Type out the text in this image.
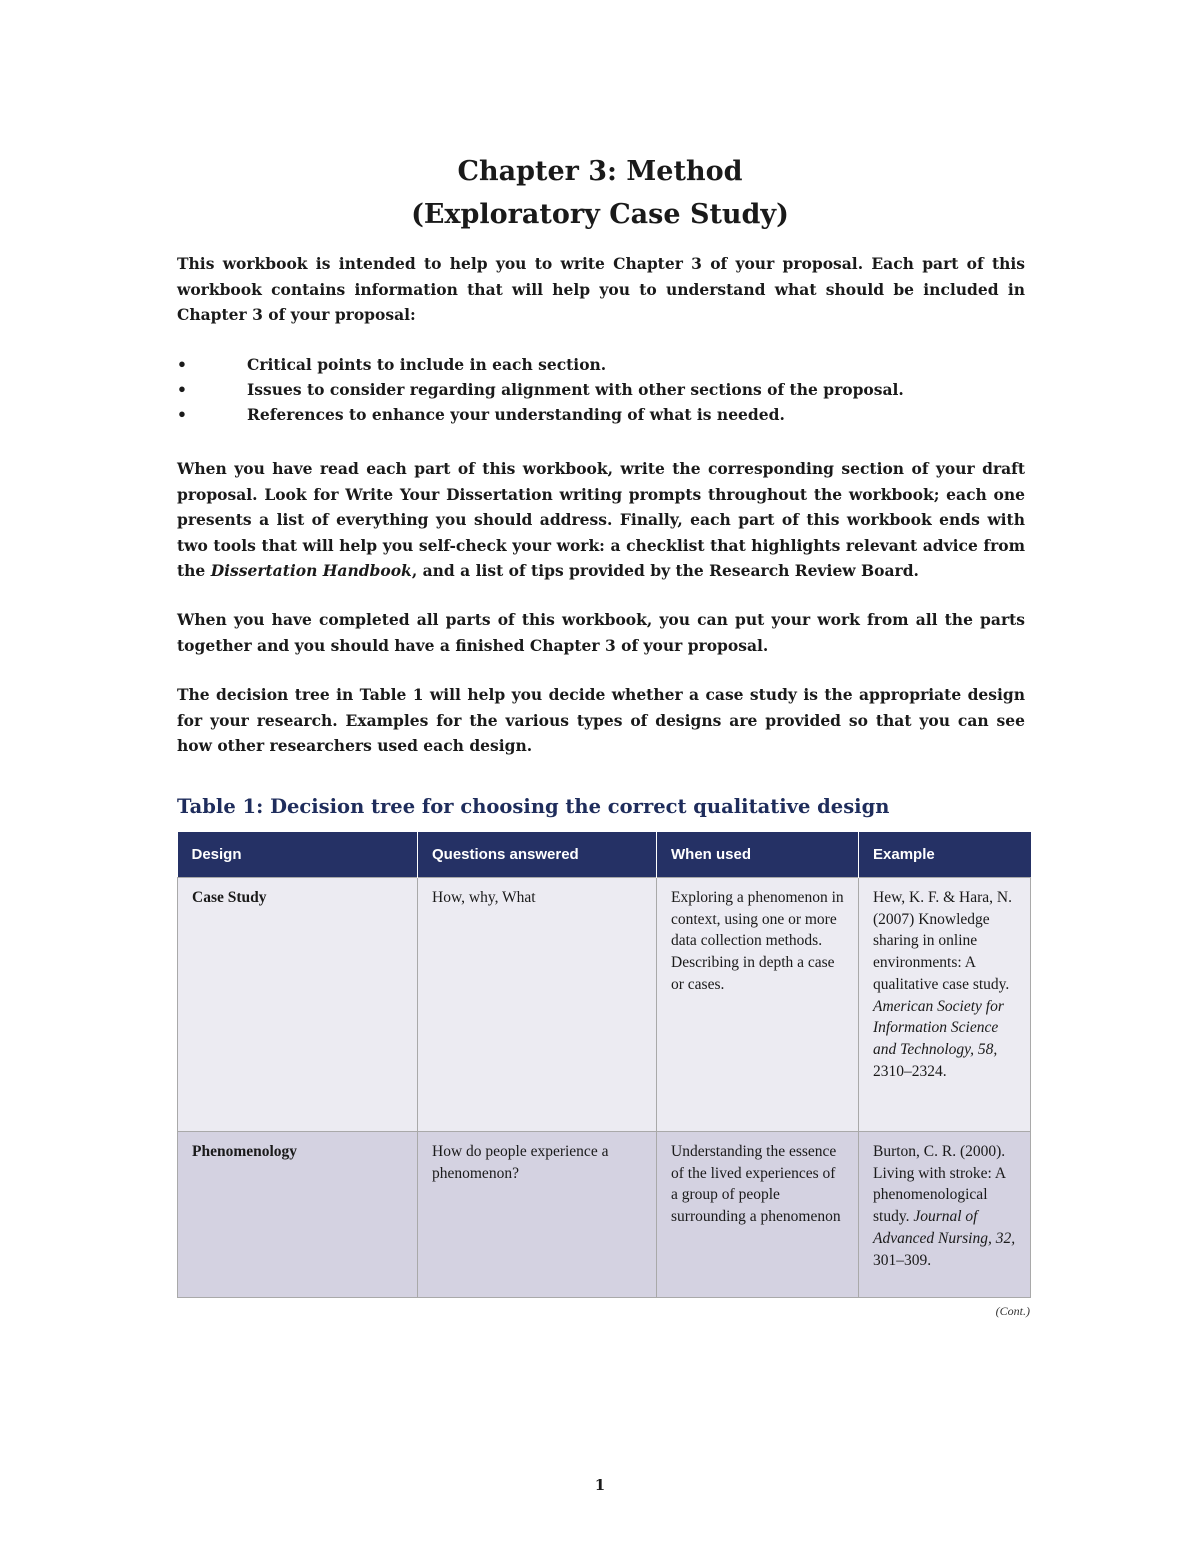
Chapter 3: Method
(Exploratory Case Study)

This workbook is intended to help you to write Chapter 3 of your proposal. Each part of this workbook contains information that will help you to understand what should be included in Chapter 3 of your proposal:

•	Critical points to include in each section.
•	Issues to consider regarding alignment with other sections of the proposal.
•	References to enhance your understanding of what is needed.

When you have read each part of this workbook, write the corresponding section of your draft proposal. Look for Write Your Dissertation writing prompts throughout the workbook; each one presents a list of everything you should address. Finally, each part of this workbook ends with two tools that will help you self-check your work: a checklist that highlights relevant advice from the Dissertation Handbook, and a list of tips provided by the Research Review Board.

When you have completed all parts of this workbook, you can put your work from all the parts together and you should have a finished Chapter 3 of your proposal.

The decision tree in Table 1 will help you decide whether a case study is the appropriate design for your research. Examples for the various types of designs are provided so that you can see how other researchers used each design.

Table 1: Decision tree for choosing the correct qualitative design
Design	Questions answered	When used	Example
Case Study	How, why, What	Exploring a phenomenon in context, using one or more data collection methods. Describing in depth a case or cases.	Hew, K. F. & Hara, N. (2007) Knowledge sharing in online environments: A qualitative case study. American Society for Information Science and Technology, 58, 2310–2324.
Phenomenology	How do people experience a phenomenon?	Understanding the essence of the lived experiences of a group of people surrounding a phenomenon	Burton, C. R. (2000). Living with stroke: A phenomenological study. Journal of Advanced Nursing, 32, 301–309.
(Cont.)
1
